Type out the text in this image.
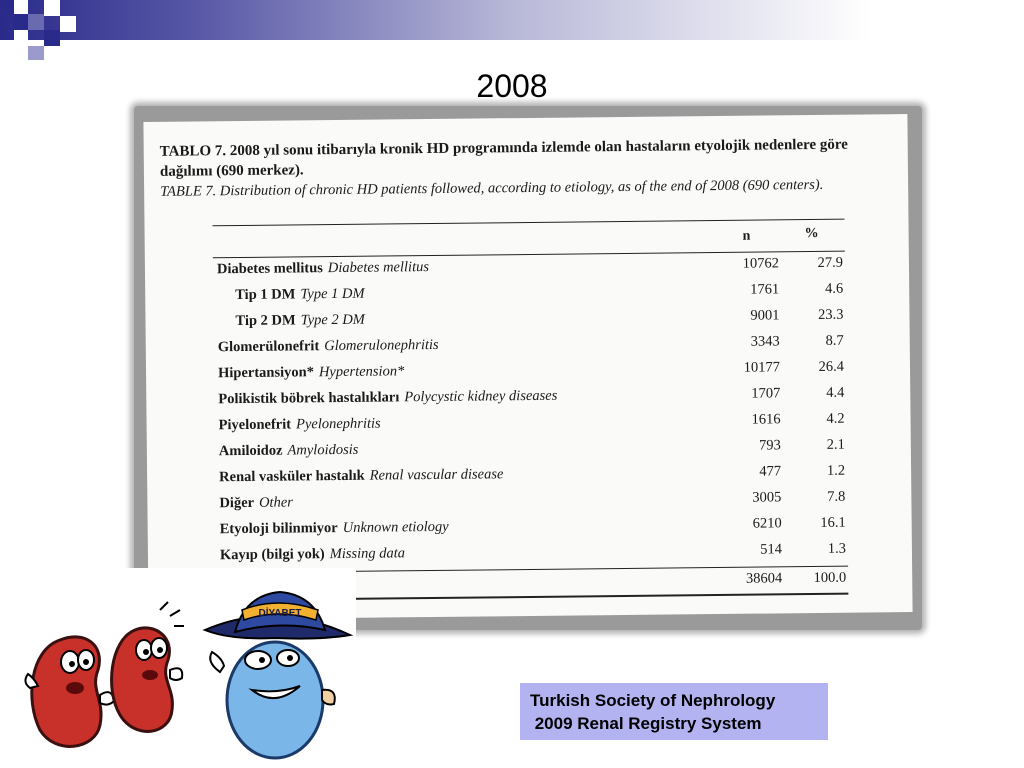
2008
TABLO 7. 2008 yıl sonu itibarıyla kronik HD programında izlemde olan hastaların etyolojik nedenlere göre dağılımı (690 merkez).
TABLE 7. Distribution of chronic HD patients followed, according to etiology, as of the end of 2008 (690 centers).
n	%
Diabetes mellitus Diabetes mellitus	10762	27.9
Tip 1 DM Type 1 DM	1761	4.6
Tip 2 DM Type 2 DM	9001	23.3
Glomerülonefrit Glomerulonephritis	3343	8.7
Hipertansiyon* Hypertension*	10177	26.4
Polikistik böbrek hastalıkları Polycystic kidney diseases	1707	4.4
Piyelonefrit Pyelonephritis	1616	4.2
Amiloidoz Amyloidosis	793	2.1
Renal vasküler hastalık Renal vascular disease	477	1.2
Diğer Other	3005	7.8
Etyoloji bilinmiyor Unknown etiology	6210	16.1
Kayıp (bilgi yok) Missing data	514	1.3
38604	100.0
DİYABET
Turkish Society of Nephrology
2009 Renal Registry System
